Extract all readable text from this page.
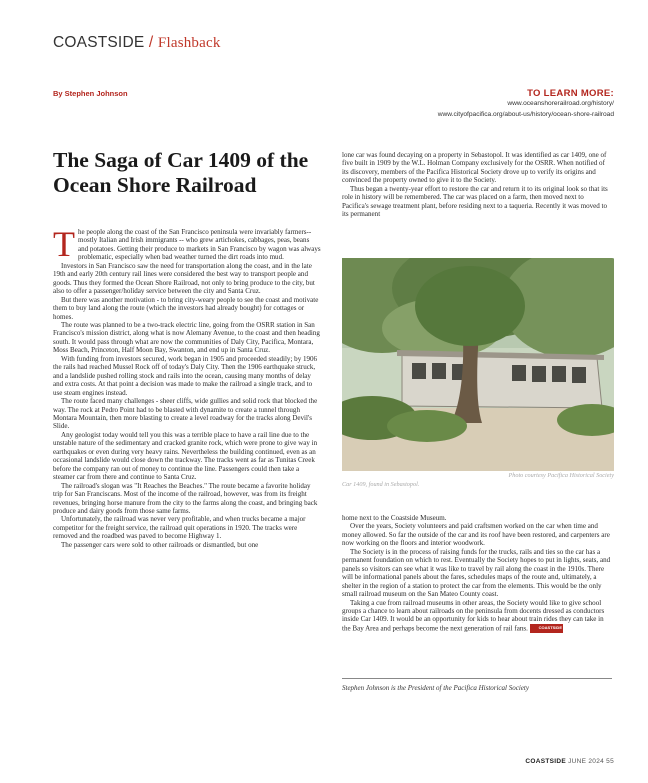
COASTSIDE / Flashback
By Stephen Johnson	TO LEARN MORE:
www.oceanshorerailroad.org/history/
www.cityofpacifica.org/about-us/history/ocean-shore-railroad
The Saga of Car 1409 of the Ocean Shore Railroad

The people along the coast of the San Francisco peninsula were invariably farmers-- mostly Italian and Irish immigrants -- who grew artichokes, cabbages, peas, beans and potatoes. Getting their produce to markets in San Francisco by wagon was always problematic, especially when bad weather turned the dirt roads into mud.

Investors in San Francisco saw the need for transportation along the coast, and in the late 19th and early 20th century rail lines were considered the best way to transport people and goods. Thus they formed the Ocean Shore Railroad, not only to bring produce to the city, but also to offer a passenger/holiday service between the city and Santa Cruz.

But there was another motivation - to bring city-weary people to see the coast and motivate them to buy land along the route (which the investors had already bought) for cottages or homes.

The route was planned to be a two-track electric line, going from the OSRR station in San Francisco's mission district, along what is now Alemany Avenue, to the coast and then heading south. It would pass through what are now the communities of Daly City, Pacifica, Montara, Moss Beach, Princeton, Half Moon Bay, Swanton, and end up in Santa Cruz.

With funding from investors secured, work began in 1905 and proceeded steadily; by 1906 the rails had reached Mussel Rock off of today's Daly City. Then the 1906 earthquake struck, and a landslide pushed rolling stock and rails into the ocean, causing many months of delay and extra costs. At that point a decision was made to make the railroad a single track, and to use steam engines instead.

The route faced many challenges - sheer cliffs, wide gullies and solid rock that blocked the way. The rock at Pedro Point had to be blasted with dynamite to create a tunnel through Montara Mountain, then more blasting to create a level roadway for the tracks along Devil's Slide.

Any geologist today would tell you this was a terrible place to have a rail line due to the unstable nature of the sedimentary and cracked granite rock, which were prone to give way in earthquakes or even during very heavy rains. Nevertheless the building continued, even as an occasional landslide would close down the trackway. The tracks went as far as Tunitas Creek before the company ran out of money to continue the line. Passengers could then take a steamer car from there and continue to Santa Cruz.

The railroad's slogan was "It Reaches the Beaches." The route became a favorite holiday trip for San Franciscans. Most of the income of the railroad, however, was from its freight revenues, bringing horse manure from the city to the farms along the coast, and bringing back produce and dairy goods from those same farms.

Unfortunately, the railroad was never very profitable, and when trucks became a major competitor for the freight service, the railroad quit operations in 1920. The tracks were removed and the roadbed was paved to become Highway 1.

The passenger cars were sold to other railroads or dismantled, but one

lone car was found decaying on a property in Sebastopol. It was identified as car 1409, one of five built in 1909 by the W.L. Holman Company exclusively for the OSRR. When notified of its discovery, members of the Pacifica Historical Society drove up to verify its origins and convinced the property owned to give it to the Society.

Thus began a twenty-year effort to restore the car and return it to its original look so that its role in history will be remembered. The car was placed on a farm, then moved next to Pacifica's sewage treatment plant, before residing next to a taqueria. Recently it was moved to its permanent

Photo courtesy Pacifica Historical Society
Car 1409, found in Sebastopol.

home next to the Coastside Museum.

Over the years, Society volunteers and paid craftsmen worked on the car when time and money allowed. So far the outside of the car and its roof have been restored, and carpenters are now working on the floors and interior woodwork.

The Society is in the process of raising funds for the trucks, rails and ties so the car has a permanent foundation on which to rest. Eventually the Society hopes to put in lights, seats, and panels so visitors can see what it was like to travel by rail along the coast in the 1910s. There will be informational panels about the fares, schedules maps of the route and, ultimately, a shelter in the region of a station to protect the car from the elements. This would be the only small railroad museum on the San Mateo County coast.

Taking a cue from railroad museums in other areas, the Society would like to give school groups a chance to learn about railroads on the peninsula from docents dressed as conductors inside Car 1409. It would be an opportunity for kids to hear about train rides they can take in the Bay Area and perhaps become the next generation of rail fans.	COASTSIDE

Stephen Johnson is the President of the Pacifica Historical Society
COASTSIDE JUNE 2024 55
